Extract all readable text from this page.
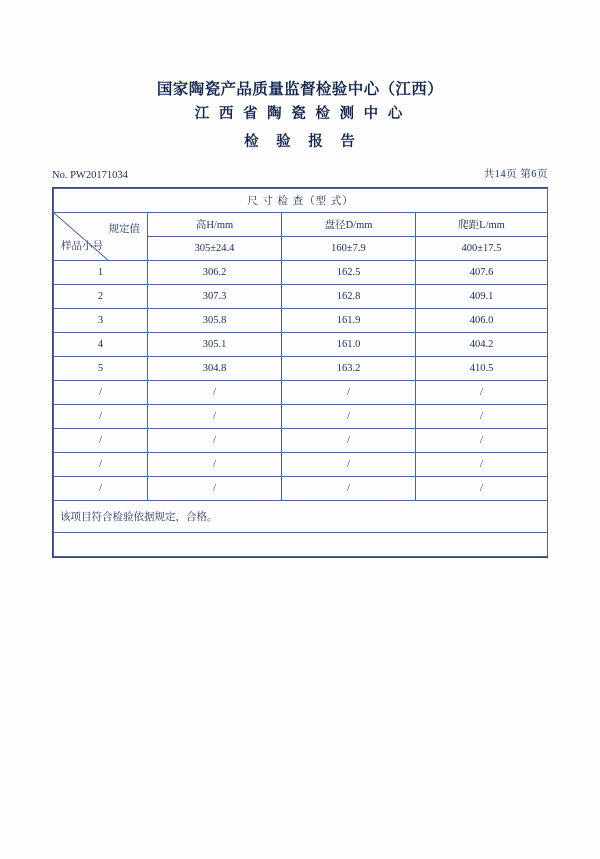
国家陶瓷产品质量监督检验中心（江西）
江 西 省 陶 瓷 检 测 中 心
检 验 报 告
No. PW20171034	共14页 第6页
尺 寸 检 查（型 式）			

规定值
样品小号	高H/mm	盘径D/mm	爬距L/mm
	305±24.4	160±7.9	400±17.5
1	306.2	162.5	407.6
2	307.3	162.8	409.1
3	305.8	161.9	406.0
4	305.1	161.0	404.2
5	304.8	163.2	410.5
/	/	/	/
/	/	/	/
/	/	/	/
/	/	/	/
/	/	/	/
该项目符合检验依据规定，合格。			
